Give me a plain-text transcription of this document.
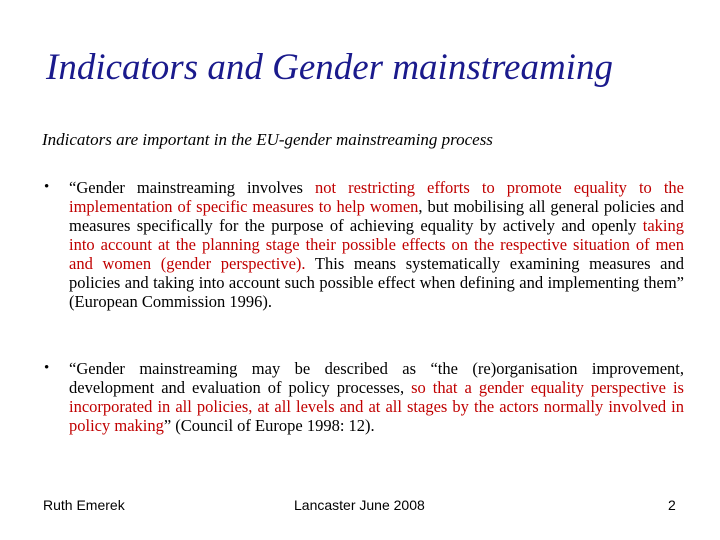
Indicators and Gender mainstreaming
Indicators are important in the EU-gender mainstreaming process
•	“Gender mainstreaming involves not restricting efforts to promote equality to the implementation of specific measures to help women, but mobilising all general policies and measures specifically for the purpose of achieving equality by actively and openly taking into account at the planning stage their possible effects on the respective situation of men and women (gender perspective). This means systematically examining measures and policies and taking into account such possible effect when defining and implementing them” (European Commission 1996).
•	“Gender mainstreaming may be described as “the (re)organisation improvement, development and evaluation of policy processes, so that a gender equality perspective is incorporated in all policies, at all levels and at all stages by the actors normally involved in policy making” (Council of Europe 1998: 12).
Ruth Emerek	Lancaster June 2008	2
